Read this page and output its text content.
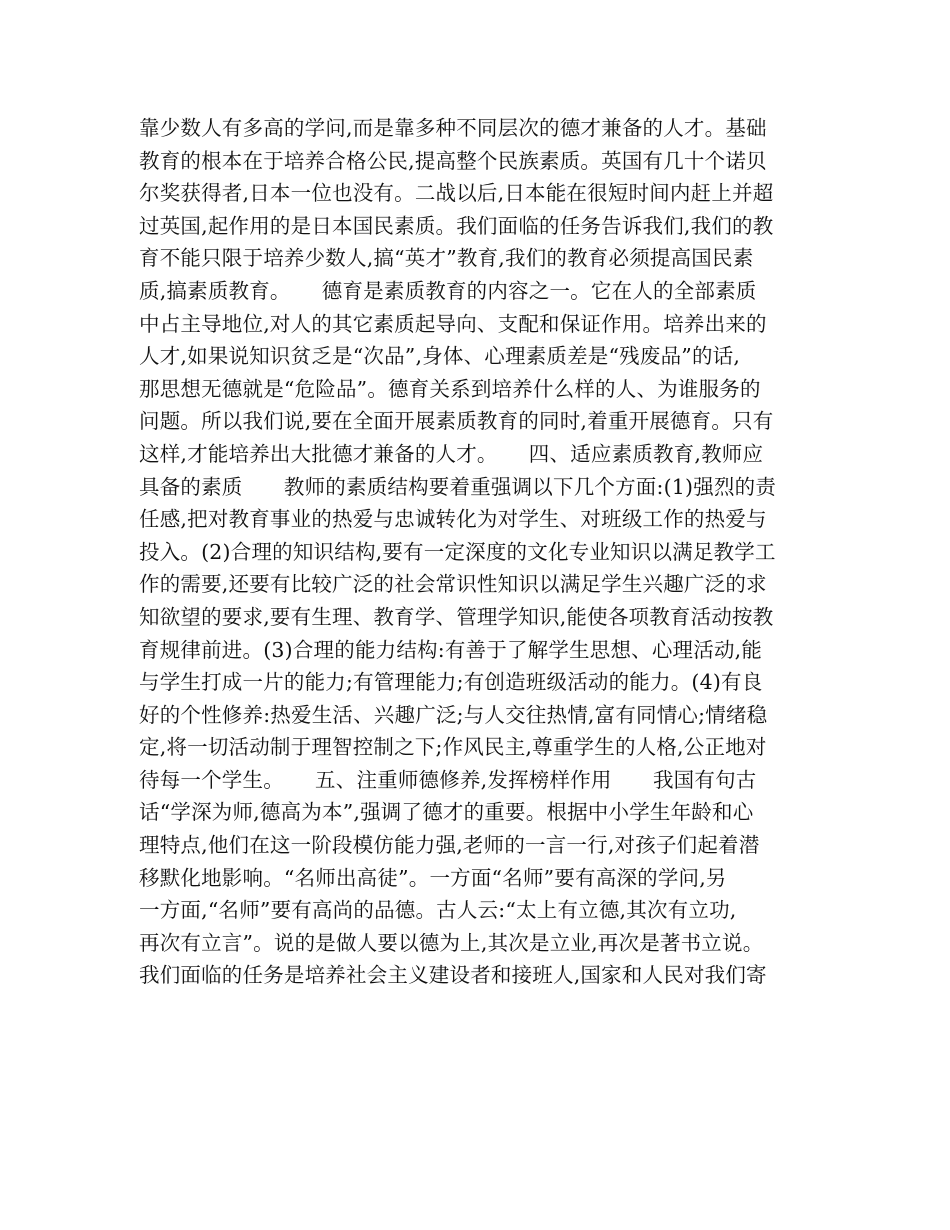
靠少数人有多高的学问,而是靠多种不同层次的德才兼备的人才。基础
教育的根本在于培养合格公民,提高整个民族素质。英国有几十个诺贝
尔奖获得者,日本一位也没有。二战以后,日本能在很短时间内赶上并超
过英国,起作用的是日本国民素质。我们面临的任务告诉我们,我们的教
育不能只限于培养少数人,搞“英才”教育,我们的教育必须提高国民素
质,搞素质教育。　　德育是素质教育的内容之一。它在人的全部素质
中占主导地位,对人的其它素质起导向、支配和保证作用。培养出来的
人才,如果说知识贫乏是“次品”,身体、心理素质差是“残废品”的话,
那思想无德就是“危险品”。德育关系到培养什么样的人、为谁服务的
问题。所以我们说,要在全面开展素质教育的同时,着重开展德育。只有
这样,才能培养出大批德才兼备的人才。　　四、适应素质教育,教师应
具备的素质　　教师的素质结构要着重强调以下几个方面:(1)强烈的责
任感,把对教育事业的热爱与忠诚转化为对学生、对班级工作的热爱与
投入。(2)合理的知识结构,要有一定深度的文化专业知识以满足教学工
作的需要,还要有比较广泛的社会常识性知识以满足学生兴趣广泛的求
知欲望的要求,要有生理、教育学、管理学知识,能使各项教育活动按教
育规律前进。(3)合理的能力结构:有善于了解学生思想、心理活动,能
与学生打成一片的能力;有管理能力;有创造班级活动的能力。(4)有良
好的个性修养:热爱生活、兴趣广泛;与人交往热情,富有同情心;情绪稳
定,将一切活动制于理智控制之下;作风民主,尊重学生的人格,公正地对
待每一个学生。　　五、注重师德修养,发挥榜样作用　　我国有句古
话“学深为师,德高为本”,强调了德才的重要。根据中小学生年龄和心
理特点,他们在这一阶段模仿能力强,老师的一言一行,对孩子们起着潜
移默化地影响。“名师出高徒”。一方面“名师”要有高深的学问,另
一方面,“名师”要有高尚的品德。古人云:“太上有立德,其次有立功,
再次有立言”。说的是做人要以德为上,其次是立业,再次是著书立说。
我们面临的任务是培养社会主义建设者和接班人,国家和人民对我们寄
